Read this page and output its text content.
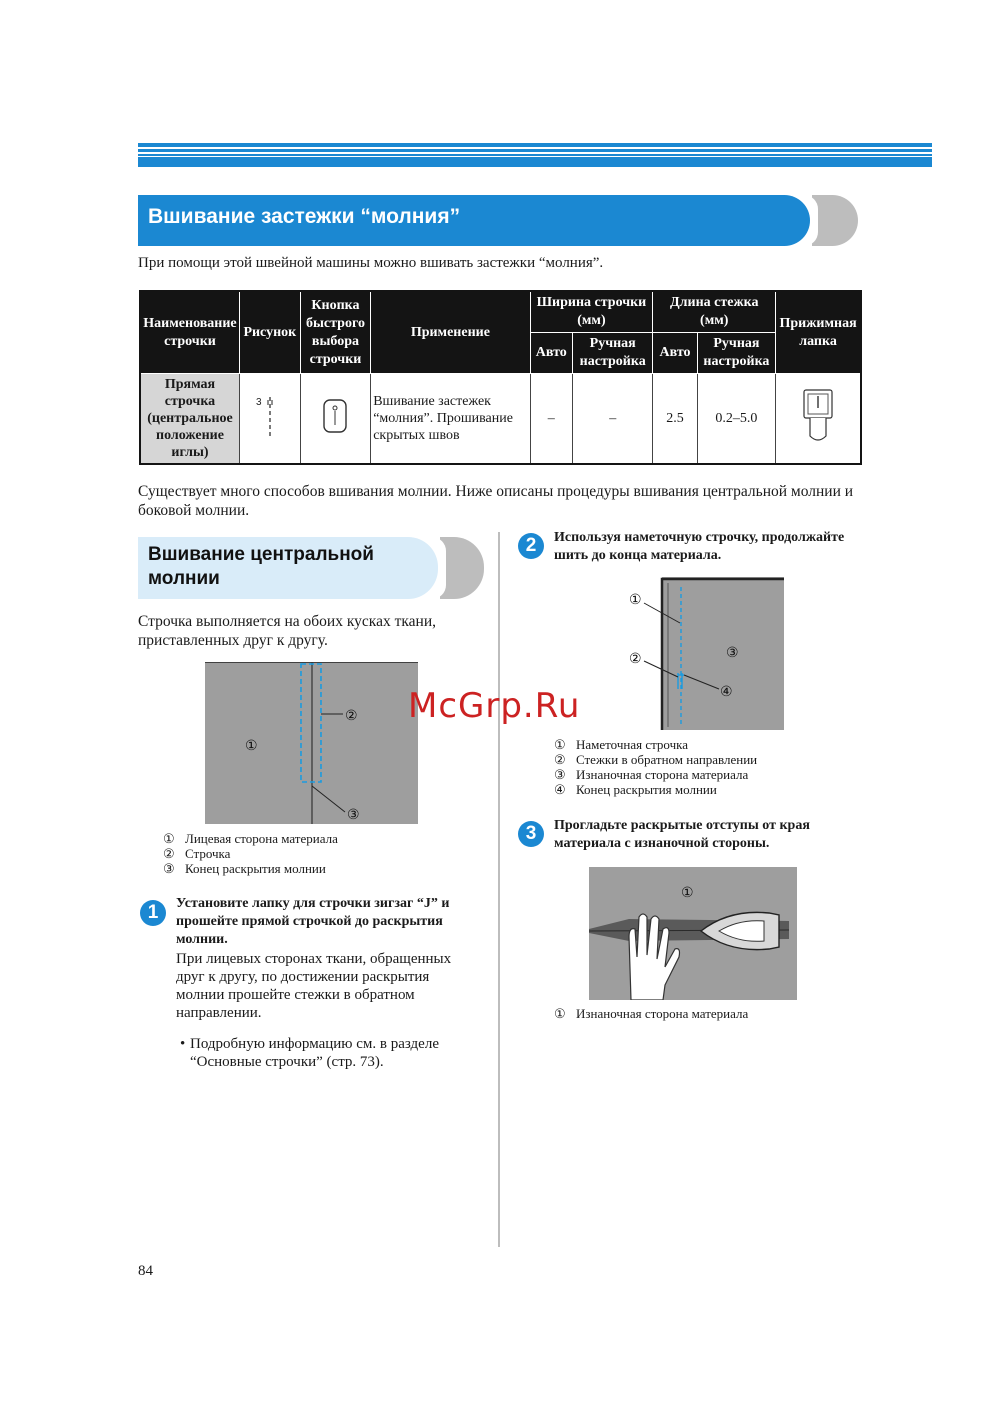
Вшивание застежки “молния”
При помощи этой швейной машины можно вшивать застежки “молния”.
Наименование строчки	Рисунок	Кнопка быстрого выбора строчки	Применение	Ширина строчки (мм)		Длина стежка (мм)		Прижимная лапка
				Авто	Ручная настройка	Авто	Ручная настройка	
Прямая строчка (центральное положение иглы)	3		Вшивание застежек “молния”. Прошивание скрытых швов	–	–	2.5	0.2–5.0	
Существует много способов вшивания молнии. Ниже описаны процедуры вшивания центральной молнии и боковой молнии.
Вшивание центральной молнии
Строчка выполняется на обоих кусках ткани, приставленных друг к другу.
①
②
③
① Лицевая сторона материала
② Строчка
③ Конец раскрытия молнии
1	Установите лапку для строчки зигзаг “J” и прошейте прямой строчкой до раскрытия молнии.
При лицевых сторонах ткани, обращенных друг к другу, по достижении раскрытия молнии прошейте стежки в обратном направлении.
• Подробную информацию см. в разделе “Основные строчки” (стр. 73).
2	Используя наметочную строчку, продолжайте шить до конца материала.
①
②	③
④
① Наметочная строчка
② Стежки в обратном направлении
③ Изнаночная сторона материала
④ Конец раскрытия молнии
3	Прогладьте раскрытые отступы от края материала с изнаночной стороны.
①
① Изнаночная сторона материала
McGrp.Ru
84
